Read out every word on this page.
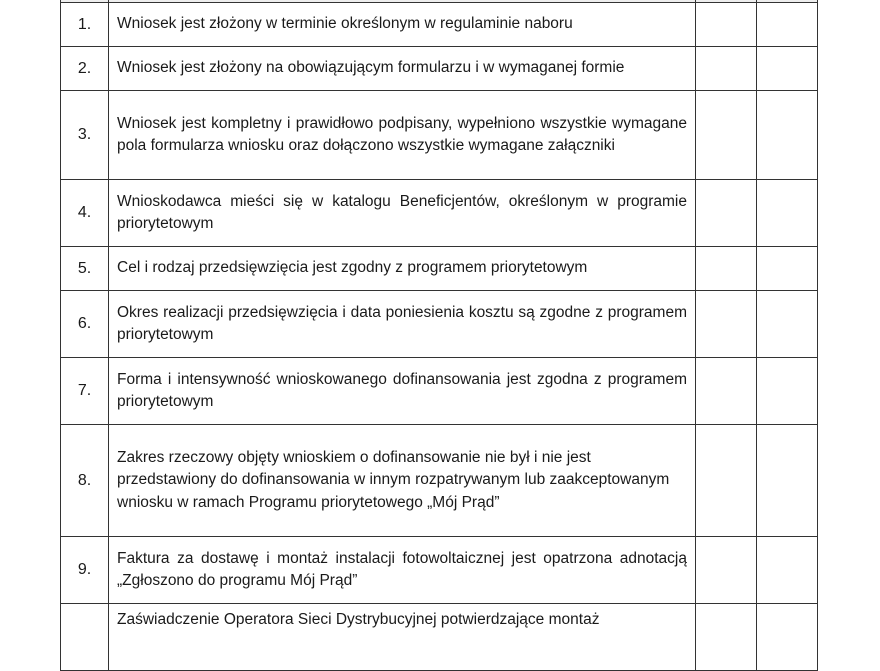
1.	Wniosek jest złożony w terminie określonym w regulaminie naboru		
2.	Wniosek jest złożony na obowiązującym formularzu i w wymaganej formie		
3.	Wniosek jest kompletny i prawidłowo podpisany, wypełniono wszystkie wymagane pola formularza wniosku oraz dołączono wszystkie wymagane załączniki		
4.	Wnioskodawca mieści się w katalogu Beneficjentów, określonym w programie priorytetowym		
5.	Cel i rodzaj przedsięwzięcia jest zgodny z programem priorytetowym		
6.	Okres realizacji przedsięwzięcia i data poniesienia kosztu są zgodne z programem priorytetowym		
7.	Forma i intensywność wnioskowanego dofinansowania jest zgodna z programem priorytetowym		
8.	Zakres rzeczowy objęty wnioskiem o dofinansowanie nie był i nie jest przedstawiony do dofinansowania w innym rozpatrywanym lub zaakceptowanym wniosku w ramach Programu priorytetowego „Mój Prąd”		
9.	Faktura za dostawę i montaż instalacji fotowoltaicznej jest opatrzona adnotacją „Zgłoszono do programu Mój Prąd”		
	Zaświadczenie Operatora Sieci Dystrybucyjnej potwierdzające montaż		
